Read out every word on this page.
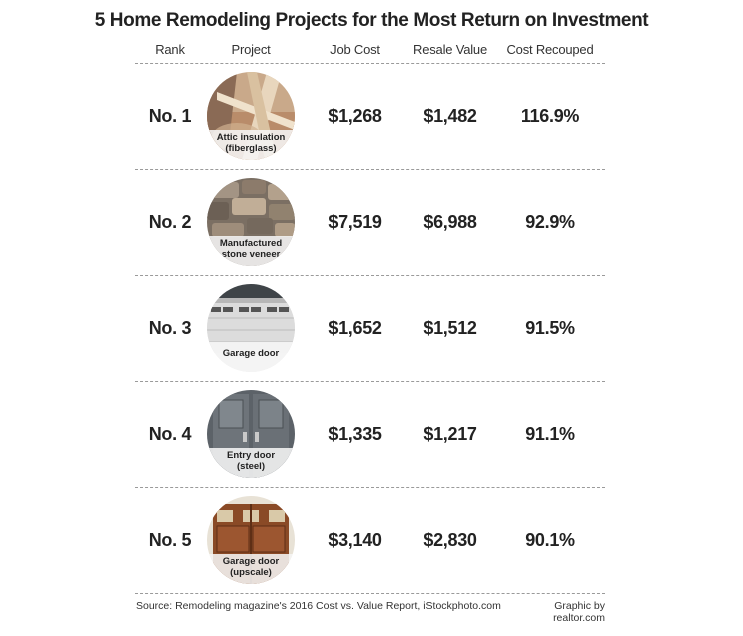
5 Home Remodeling Projects for the Most Return on Investment
Rank	Project	Job Cost	Resale Value	Cost Recouped
No. 1
Attic insulation
(fiberglass)
$1,268	$1,482	116.9%
No. 2
Manufactured
stone veneer
$7,519	$6,988	92.9%
No. 3
Garage door
$1,652	$1,512	91.5%
No. 4
Entry door
(steel)
$1,335	$1,217	91.1%
No. 5
Garage door
(upscale)
$3,140	$2,830	90.1%
Source: Remodeling magazine's 2016 Cost vs. Value Report, iStockphoto.com	Graphic by realtor.com
